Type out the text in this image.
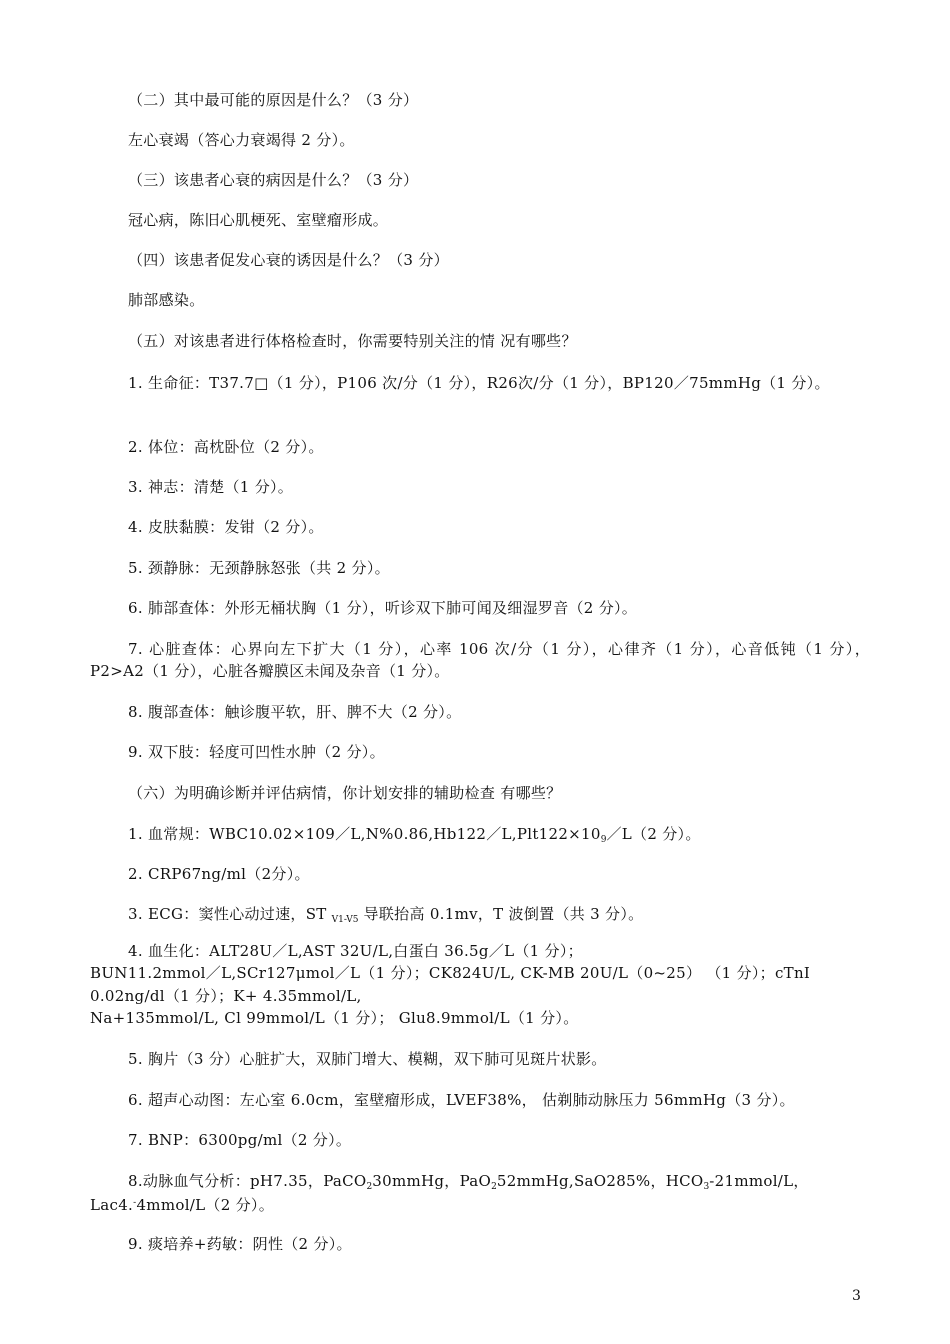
（二）其中最可能的原因是什么？（3 分）
左心衰竭（答心力衰竭得 2 分）。
（三）该患者心衰的病因是什么？（3 分）
冠心病，陈旧心肌梗死、室壁瘤形成。
（四）该患者促发心衰的诱因是什么？（3 分）
肺部感染。
（五）对该患者进行体格检查时，你需要特别关注的情 况有哪些？
1. 生命征：T37.7□（1 分），P106 次/分（1 分），R26次/分（1 分），BP120／75mmHg（1 分）。
2. 体位：高枕卧位（2 分）。
3. 神志：清楚（1 分）。
4. 皮肤黏膜：发钳（2 分）。
5. 颈静脉：无颈静脉怒张（共 2 分）。
6. 肺部查体：外形无桶状胸（1 分），听诊双下肺可闻及细湿罗音（2 分）。
7. 心脏查体：心界向左下扩大（1 分），心率 106 次/分（1 分），心律齐（1 分），心音低钝（1 分），P2>A2（1 分），心脏各瓣膜区未闻及杂音（1 分）。
8. 腹部查体：触诊腹平软，肝、脾不大（2 分）。
9. 双下肢：轻度可凹性水肿（2 分）。
（六）为明确诊断并评估病情，你计划安排的辅助检查 有哪些？
1. 血常规：$WBC10.02\times 109/L,N\%0.86,Hb122/L,Plt122\times 10_9/L(2$ 分）。
2. CRP67ng/ml（2分）。
3. ECG：窦性心动过速，ST $_{V1-V5}$ 导联抬高 0.1mv，T 波倒置（共 3 分）。
4. 血生化：ALT28U／L,AST 32U/L,白蛋白 36.5g／L（1 分）；
BUN11.2mmol／L,SCr127μmol／L（1 分）；CK824U/L, CK-MB 20U/L（0~25） （1 分）；cTnI
0.02ng/dl（1 分）；K+ 4.35mmol/L,
Na+135mmol/L, Cl 99mmol/L（1 分）； Glu8.9mmol/L（1 分）。
5. 胸片（3 分）心脏扩大，双肺门增大、模糊，双下肺可见斑片状影。
6. 超声心动图：左心室 6.0cm，室壁瘤形成，LVEF38%， 估剃肺动脉压力 56mmHg（3 分）。
7. BNP：6300pg/ml（2 分）。
8.动脉血气分析：pH7.35，PaCO$_2$30mmHg，PaO$_2$52mmHg,SaO285%，$HCO_3-21mmol/L$，
Lac4.-4mmol/L（2 分）。
9. 痰培养+药敏：阴性（2 分）。
3
